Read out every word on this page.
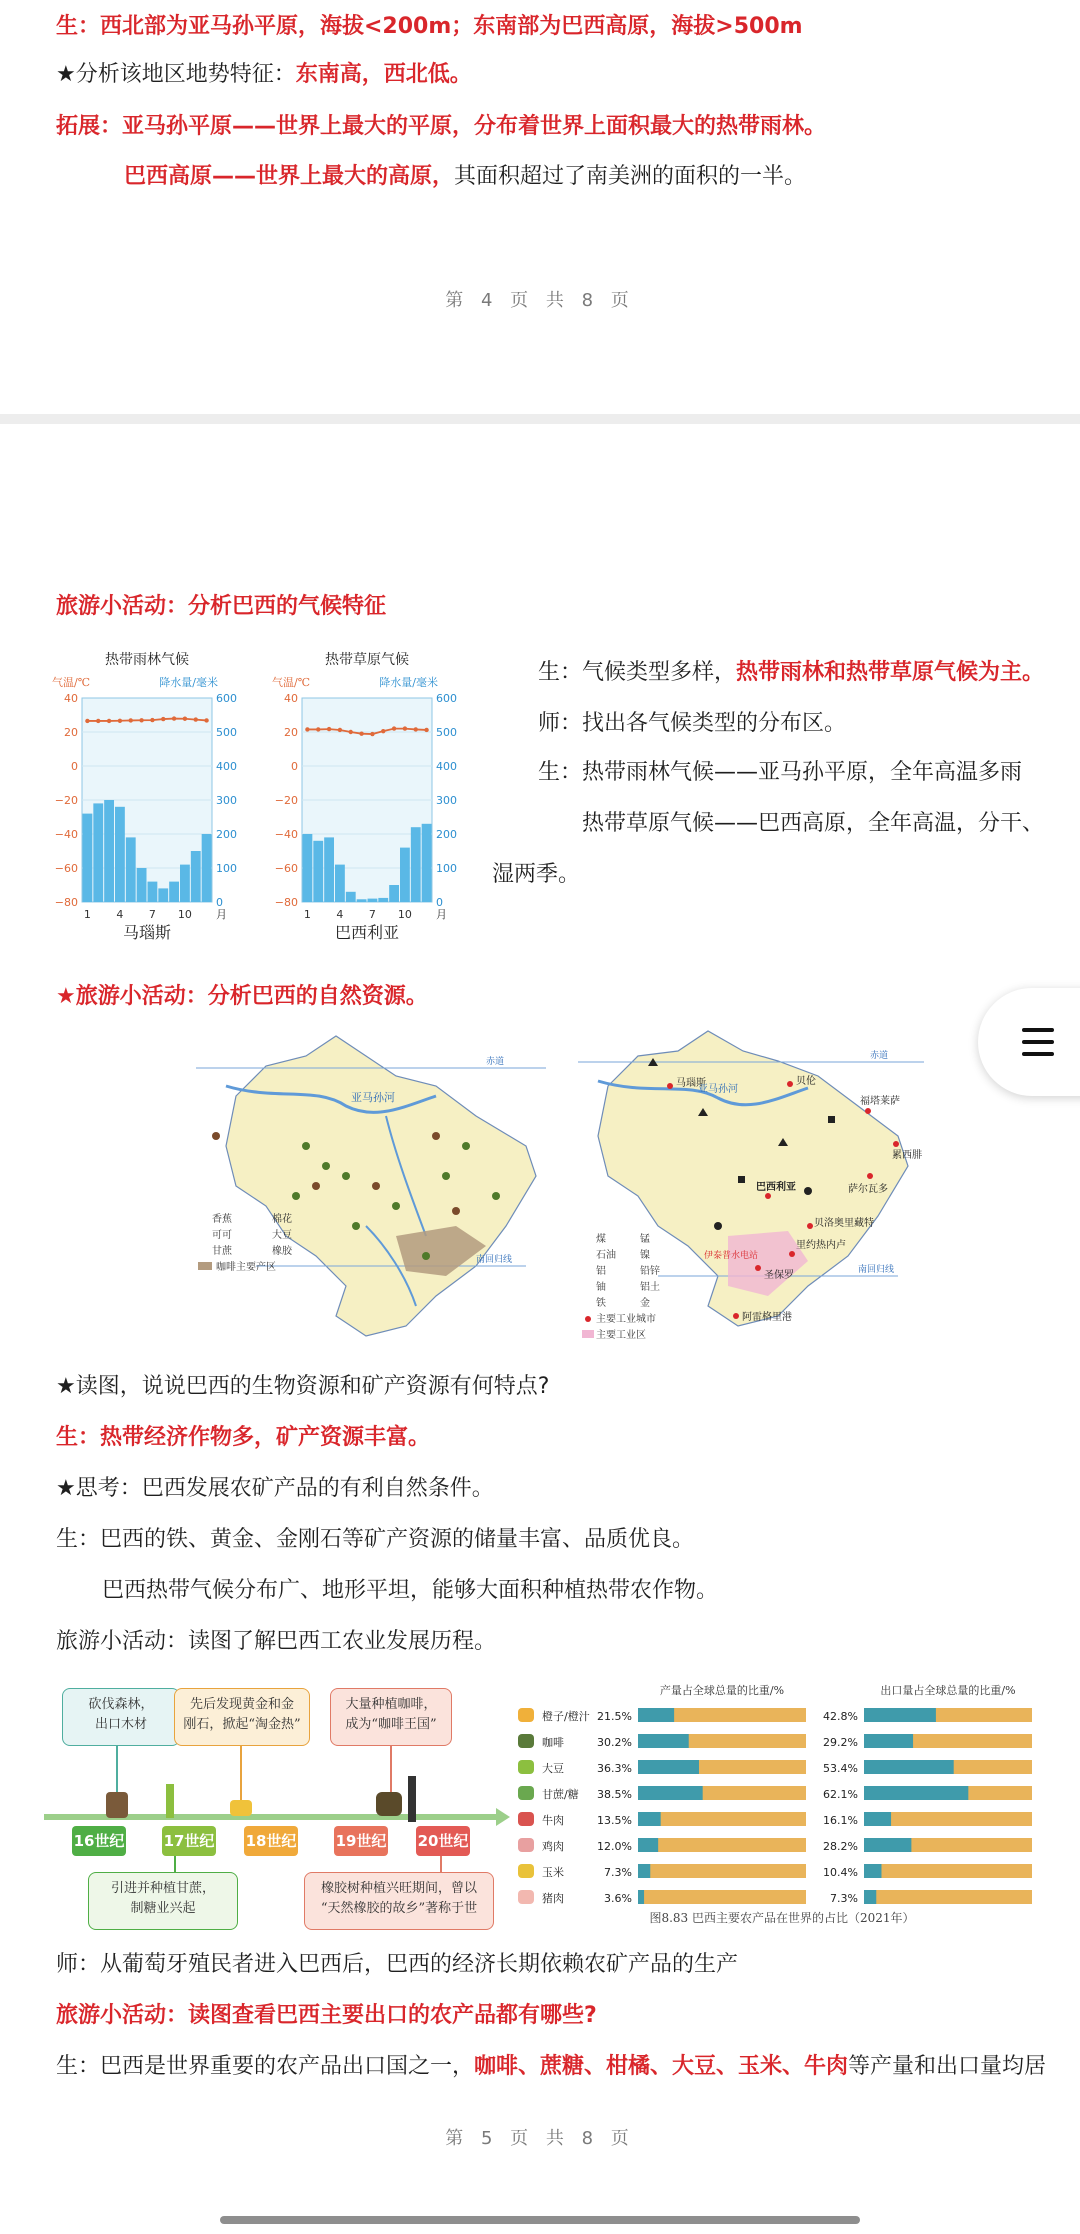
生：西北部为亚马孙平原，海拔<200m；东南部为巴西高原，海拔>500m
★分析该地区地势特征：东南高，西北低。
拓展：亚马孙平原——世界上最大的平原，分布着世界上面积最大的热带雨林。
巴西高原——世界上最大的高原，其面积超过了南美洲的面积的一半。
第 4 页 共 8 页
旅游小活动：分析巴西的气候特征
热带雨林气候
气温/℃	降水量/毫米
40
20
0
−20
−40
−60
−80
600
500
400
300
200
100
0
1 4 7 10 月
马瑙斯
热带草原气候
气温/℃	降水量/毫米
40
20
0
−20
−40
−60
−80
600
500
400
300
200
100
0
1 4 7 10 月
巴西利亚
生：气候类型多样，热带雨林和热带草原气候为主。
师：找出各气候类型的分布区。
生：热带雨林气候——亚马孙平原，全年高温多雨
热带草原气候——巴西高原，全年高温，分干、
湿两季。
★旅游小活动：分析巴西的自然资源。
亚马孙河
赤道
南回归线
香蕉	棉花
可可	大豆
甘蔗	橡胶
咖啡主要产区
马瑙斯	贝伦
福塔莱萨
累西腓
萨尔瓦多
巴西利亚
贝洛奥里藏特
里约热内卢
圣保罗
阿雷格里港
伊泰普水电站
亚马孙河
赤道
南回归线
煤	锰
石油 镍
铝	铅锌
铀	铝土
铁	金
主要工业城市
主要工业区
★读图，说说巴西的生物资源和矿产资源有何特点?
生：热带经济作物多，矿产资源丰富。
★思考：巴西发展农矿产品的有利自然条件。
生：巴西的铁、黄金、金刚石等矿产资源的储量丰富、品质优良。
巴西热带气候分布广、地形平坦，能够大面积种植热带农作物。
旅游小活动：读图了解巴西工农业发展历程。
砍伐森林，
出口木材
先后发现黄金和金
刚石，掀起“淘金热”
大量种植咖啡，
成为“咖啡王国”
16世纪	17世纪 18世纪	19世纪 20世纪
引进并种植甘蔗，
制糖业兴起
橡胶树种植兴旺期间，曾以
“天然橡胶的故乡”著称于世
产量占全球总量的比重/%	出口量占全球总量的比重/%
橙子/橙汁 21.5%	42.8%
咖啡	30.2%	29.2%
大豆	36.3%	53.4%
甘蔗/糖 38.5%	62.1%
牛肉	13.5%	16.1%
鸡肉	12.0%	28.2%
玉米	7.3%	10.4%
猪肉	3.6%	7.3%
图8.83 巴西主要农产品在世界的占比（2021年）
师：从葡萄牙殖民者进入巴西后，巴西的经济长期依赖农矿产品的生产
旅游小活动：读图查看巴西主要出口的农产品都有哪些?
生：巴西是世界重要的农产品出口国之一，咖啡、蔗糖、柑橘、大豆、玉米、牛肉等产量和出口量均居
第 5 页 共 8 页
